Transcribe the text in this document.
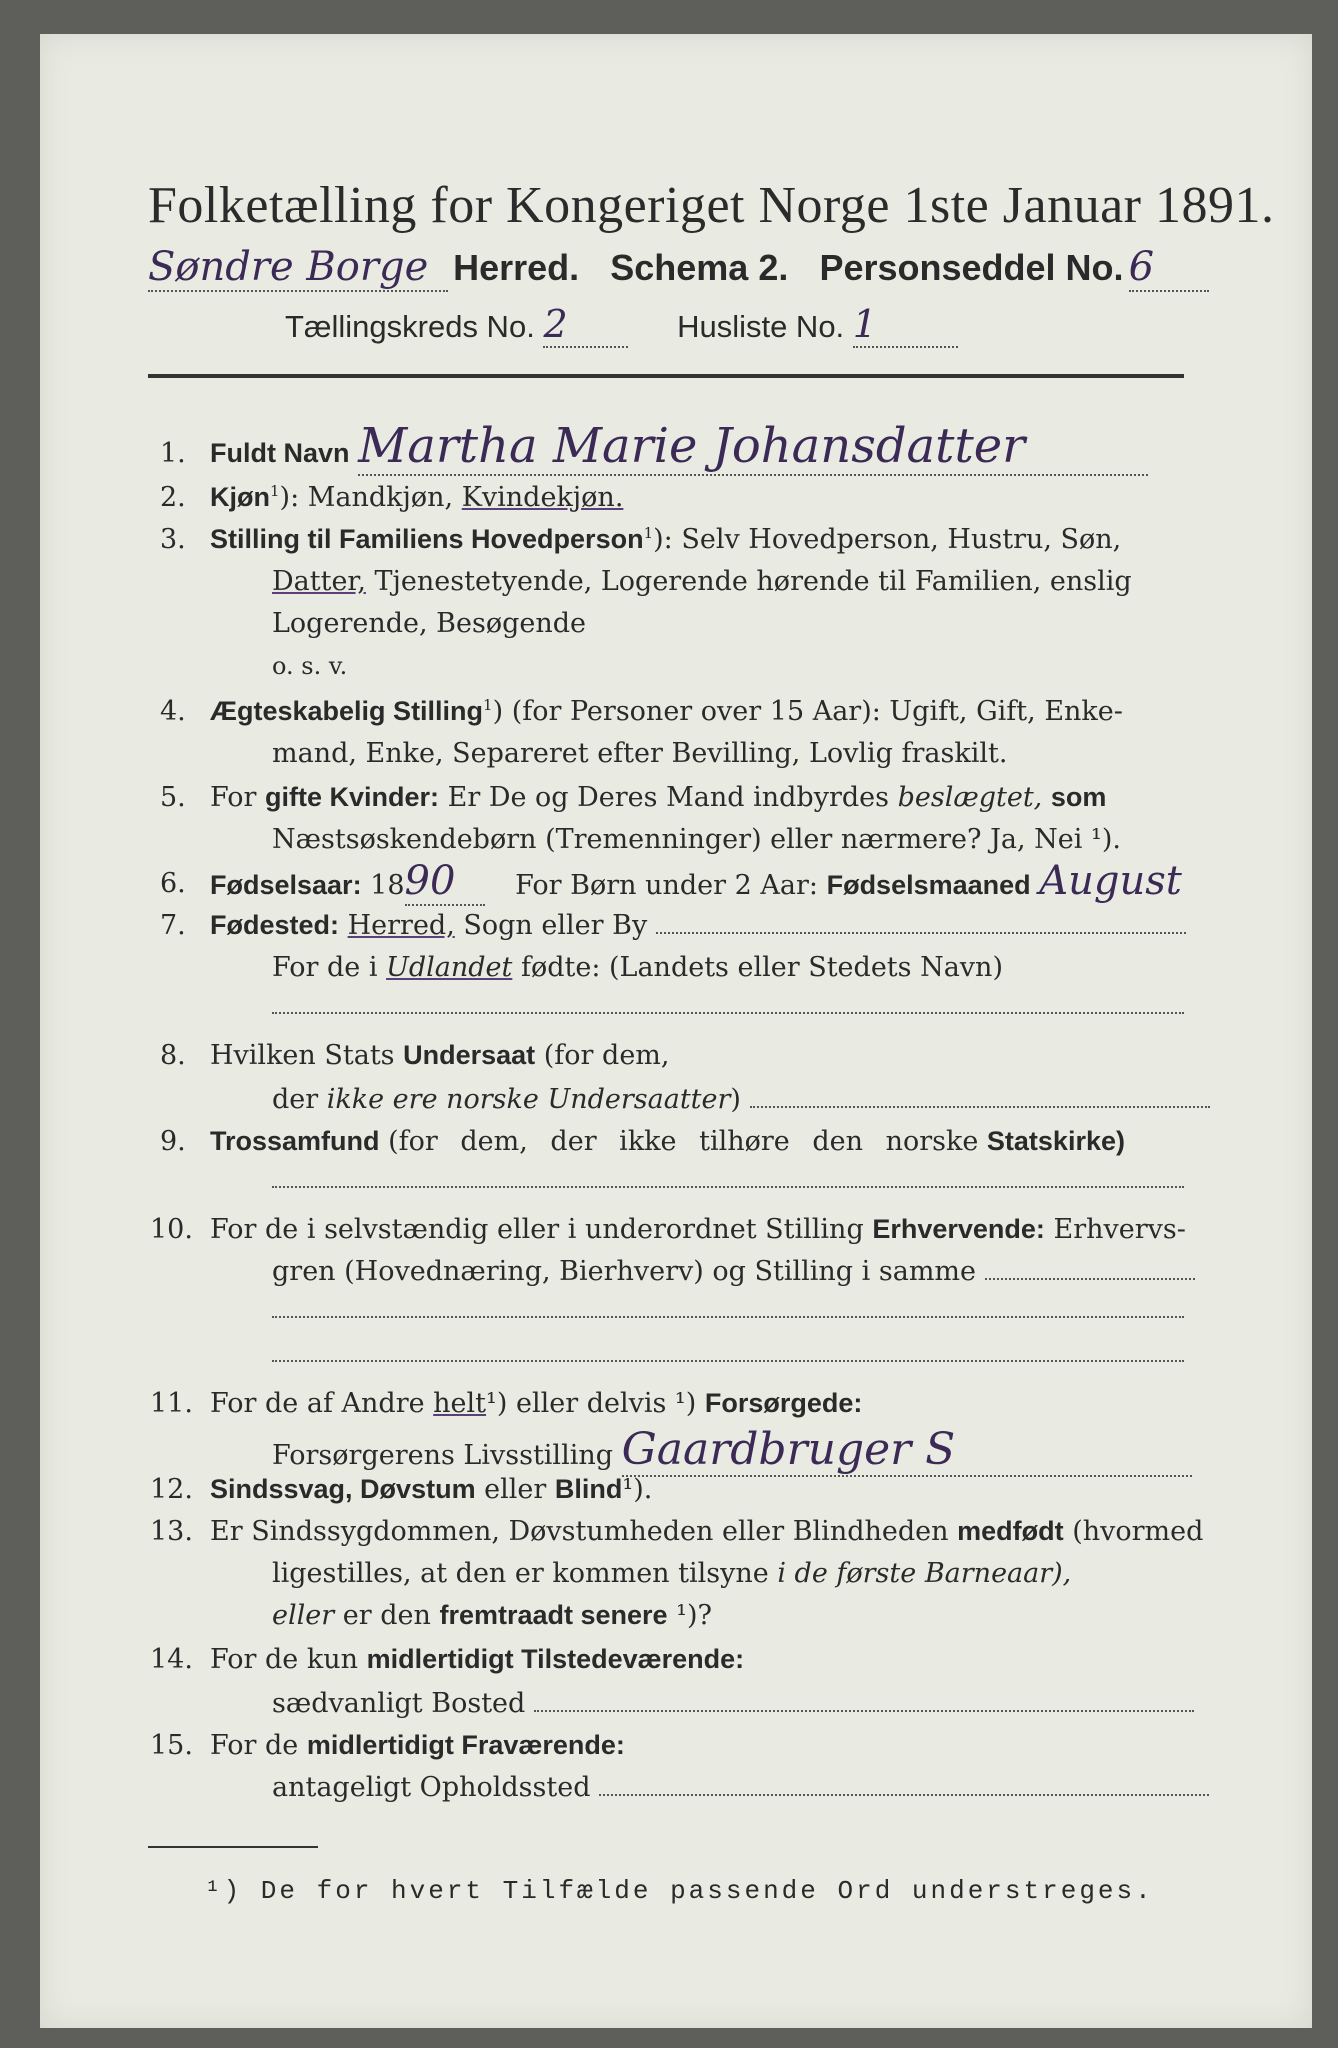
Folketælling for Kongeriget Norge 1ste Januar 1891.
Søndre Borge Herred. Schema 2. Personseddel No. 6
Tællingskreds No. 2	Husliste No. 1
1. Fuldt Navn Martha Marie Johansdatter
2. Kjøn$^1$): Mandkjøn, Kvindekjøn.
3. Stilling til Familiens Hovedperson$^1$): Selv Hovedperson, Hustru, Søn,
Datter, Tjenestetyende, Logerende hørende til Familien, enslig
Logerende, Besøgende
o. s. v.
4. Ægteskabelig Stilling$^1$) (for Personer over 15 Aar): Ugift, Gift, Enke-
mand, Enke, Separeret efter Bevilling, Lovlig fraskilt.
5. For gifte Kvinder: Er De og Deres Mand indbyrdes beslægtet, som
Næstsøskendebørn (Tremenninger) eller nærmere? Ja, Nei ¹).
6. Fødselsaar: 1890 For Børn under 2 Aar: Fødselsmaaned August
7. Fødested: Herred, Sogn eller By
For de i Udlandet fødte: (Landets eller Stedets Navn)
8. Hvilken Stats Undersaat (for dem,
der ikke ere norske Undersaatter)
9. Trossamfund (for dem, der ikke tilhøre den norske Statskirke)
10. For de i selvstændig eller i underordnet Stilling Erhvervende: Erhvervs-
gren (Hovednæring, Bierhverv) og Stilling i samme
11. For de af Andre helt¹) eller delvis ¹) Forsørgede:
Forsørgerens Livsstilling Gaardbruger S
12. Sindssvag, Døvstum eller Blind¹).
13. Er Sindssygdommen, Døvstumheden eller Blindheden medfødt (hvormed
ligestilles, at den er kommen tilsyne i de første Barneaar),
eller er den fremtraadt senere ¹)?
14. For de kun midlertidigt Tilstedeværende:
sædvanligt Bosted
15. For de midlertidigt Fraværende:
antageligt Opholdssted
¹) De for hvert Tilfælde passende Ord understreges.
